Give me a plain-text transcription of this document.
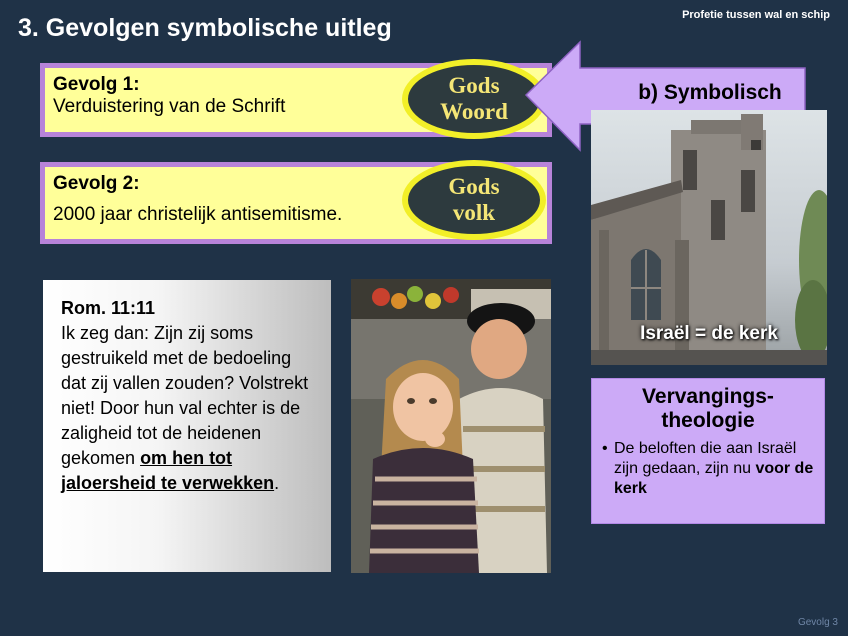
3. Gevolgen symbolische uitleg	Profetie tussen wal en schip
Gevolg 1:
Verduistering van de Schrift
Gods
Woord
Gevolg 2:
2000 jaar christelijk antisemitisme.
Gods
volk
b) Symbolisch
Israël = de kerk
Vervangings-
theologie
• De beloften die aan Israël zijn gedaan, zijn nu voor de kerk
Rom. 11:11
Ik zeg dan: Zijn zij soms gestruikeld met de bedoeling dat zij vallen zouden? Volstrekt niet! Door hun val echter is de zaligheid tot de heidenen gekomen om hen tot jaloersheid te verwekken.
Gevolg 3
